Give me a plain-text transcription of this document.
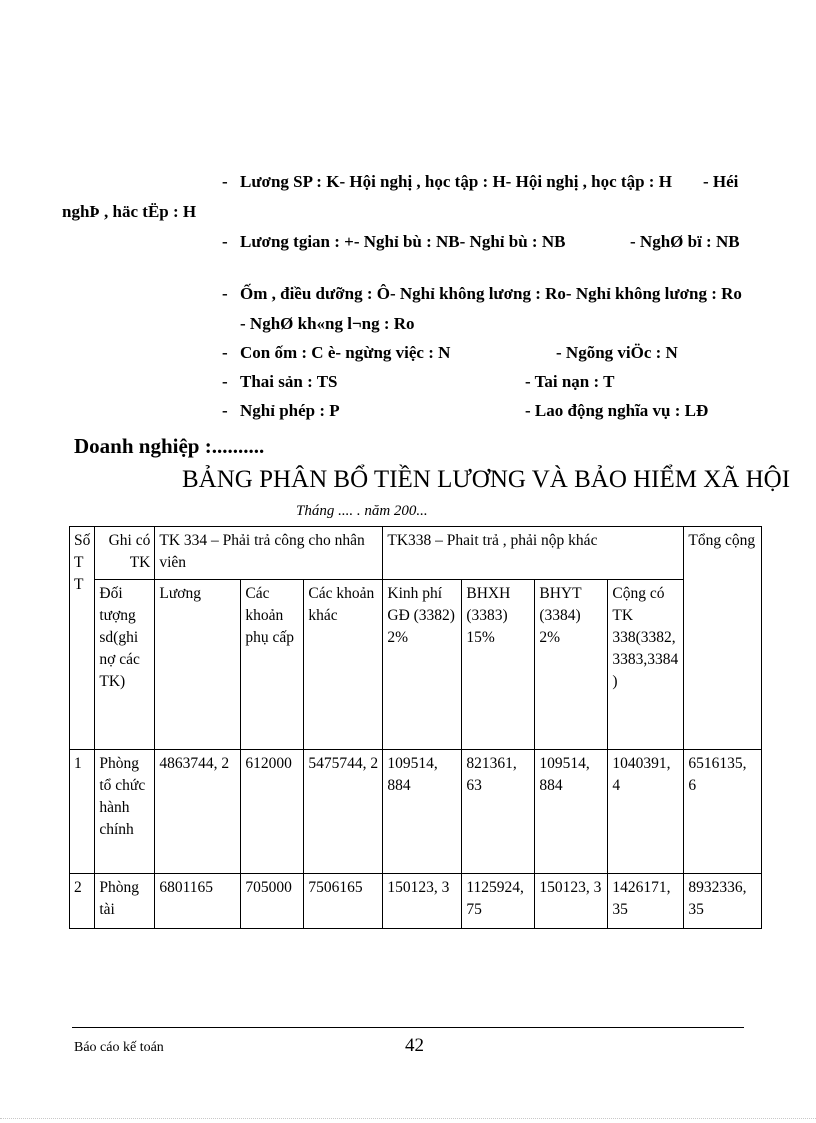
- Lương SP : K- Hội nghị , học tập : H- Hội nghị , học tập : H - Héi
nghÞ , häc tËp : H
- Lương tgian : +- Nghỉ bù : NB- Nghỉ bù : NB	- NghØ bï : NB
- Ốm , điều dưỡng : Ô- Nghỉ không lương : Ro- Nghỉ không lương : Ro
- NghØ kh«ng l¬ng : Ro
- Con ốm : C è- ngừng việc : N	- Ngõng viÖc : N
- Thai sản : TS	- Tai nạn : T
- Nghỉ phép : P	- Lao động nghĩa vụ : LĐ
Doanh nghiệp :..........
BẢNG PHÂN BỔ TIỀN LƯƠNG VÀ BẢO HIỂM XÃ HỘI
Tháng .... . năm 200...
Số T T	Ghi có TK	TK 334 – Phải trả công cho nhân viên			TK338 – Phait trả , phải nộp khác				Tổng cộng
	Đối tượng sd(ghi nợ các TK)	Lương	Các khoản phụ cấp	Các khoản khác	Kinh phí GĐ (3382) 2%	BHXH (3383) 15%	BHYT (3384) 2%	Cộng có TK 338(3382, 3383,3384 )	
1	Phòng tổ chức hành chính	4863744, 2	612000	5475744, 2	109514, 884	821361, 63	109514, 884	1040391, 4	6516135, 6
2	Phòng tài	6801165	705000	7506165	150123, 3	1125924, 75	150123, 3	1426171, 35	8932336, 35
Báo cáo kế toán	42
